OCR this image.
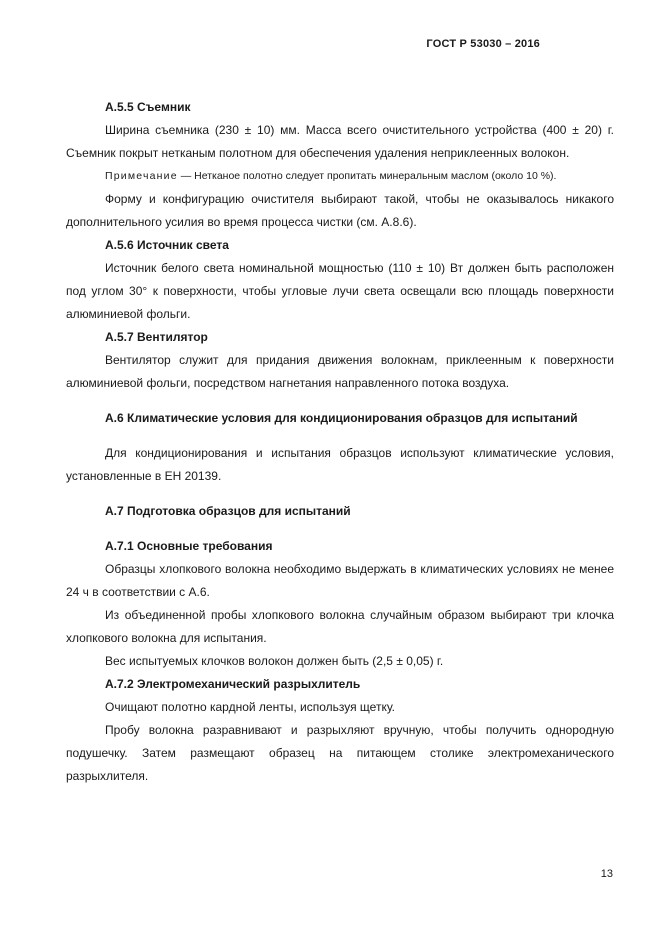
ГОСТ Р 53030 – 2016
А.5.5 Съемник

Ширина съемника (230 ± 10) мм. Масса всего очистительного устройства (400 ± 20) г. Съемник покрыт нетканым полотном для обеспечения удаления неприклеенных волокон.

Примечание — Нетканое полотно следует пропитать минеральным маслом (около 10 %).

Форму и конфигурацию очистителя выбирают такой, чтобы не оказывалось никакого дополнительного усилия во время процесса чистки (см. А.8.6).

А.5.6 Источник света

Источник белого света номинальной мощностью (110 ± 10) Вт должен быть расположен под углом 30° к поверхности, чтобы угловые лучи света освещали всю площадь поверхности алюминиевой фольги.

А.5.7 Вентилятор

Вентилятор служит для придания движения волокнам, приклеенным к поверхности алюминиевой фольги, посредством нагнетания направленного потока воздуха.

А.6 Климатические условия для кондиционирования образцов для испытаний

Для кондиционирования и испытания образцов используют климатические условия, установленные в ЕН 20139.

А.7 Подготовка образцов для испытаний
А.7.1 Основные требования

Образцы хлопкового волокна необходимо выдержать в климатических условиях не менее 24 ч в соответствии с А.6.

Из объединенной пробы хлопкового волокна случайным образом выбирают три клочка хлопкового волокна для испытания.

Вес испытуемых клочков волокон должен быть (2,5 ± 0,05) г.

А.7.2 Электромеханический разрыхлитель

Очищают полотно кардной ленты, используя щетку.

Пробу волокна разравнивают и разрыхляют вручную, чтобы получить однородную подушечку. Затем размещают образец на питающем столике электромеханического разрыхлителя.

13
